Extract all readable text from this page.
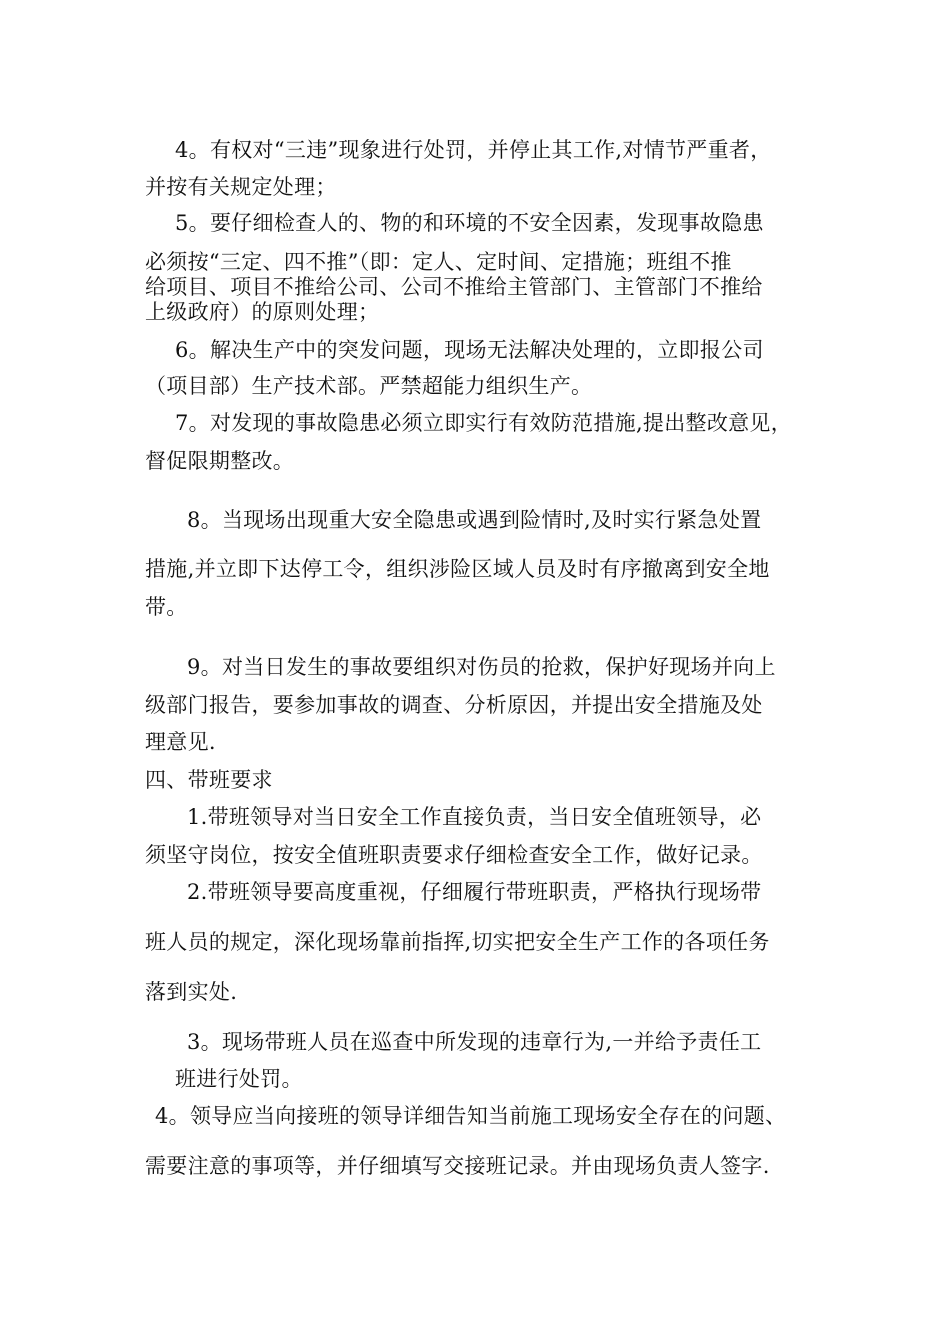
4。有权对“三违”现象进行处罚，并停止其工作,对情节严重者，
并按有关规定处理；
5。要仔细检查人的、物的和环境的不安全因素，发现事故隐患
必须按“三定、四不推”（即：定人、定时间、定措施；班组不推
给项目、项目不推给公司、公司不推给主管部门、主管部门不推给
上级政府）的原则处理；
6。解决生产中的突发问题，现场无法解决处理的，立即报公司
（项目部）生产技术部。严禁超能力组织生产。
7。对发现的事故隐患必须立即实行有效防范措施,提出整改意见，
督促限期整改。
8。当现场出现重大安全隐患或遇到险情时,及时实行紧急处置
措施,并立即下达停工令，组织涉险区域人员及时有序撤离到安全地
带。
9。对当日发生的事故要组织对伤员的抢救，保护好现场并向上
级部门报告，要参加事故的调查、分析原因，并提出安全措施及处
理意见.
四、带班要求
1.带班领导对当日安全工作直接负责，当日安全值班领导，必
须坚守岗位，按安全值班职责要求仔细检查安全工作，做好记录。
2.带班领导要高度重视，仔细履行带班职责，严格执行现场带
班人员的规定，深化现场靠前指挥,切实把安全生产工作的各项任务
落到实处.
3。现场带班人员在巡查中所发现的违章行为,一并给予责任工
班进行处罚。
4。领导应当向接班的领导详细告知当前施工现场安全存在的问题、
需要注意的事项等，并仔细填写交接班记录。并由现场负责人签字.
